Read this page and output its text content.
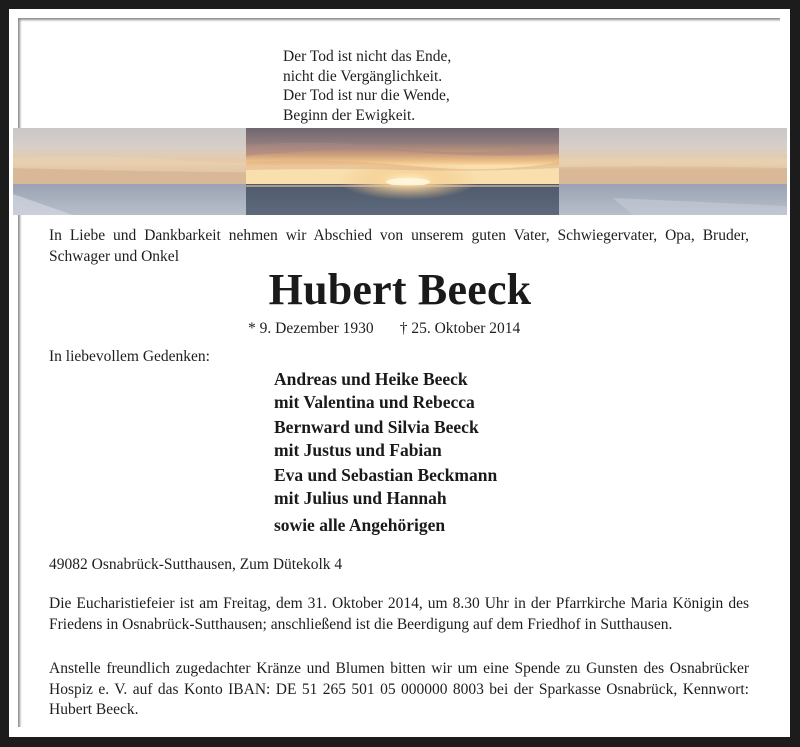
Der Tod ist nicht das Ende,
nicht die Vergänglichkeit.
Der Tod ist nur die Wende,
Beginn der Ewigkeit.
In Liebe und Dankbarkeit nehmen wir Abschied von unserem guten Vater, Schwiegervater, Opa, Bruder, Schwager und Onkel
Hubert Beeck
* 9. Dezember 1930 † 25. Oktober 2014
In liebevollem Gedenken:
Andreas und Heike Beeck
mit Valentina und Rebecca
Bernward und Silvia Beeck
mit Justus und Fabian
Eva und Sebastian Beckmann
mit Julius und Hannah
sowie alle Angehörigen
49082 Osnabrück-Sutthausen, Zum Dütekolk 4
Die Eucharistiefeier ist am Freitag, dem 31. Oktober 2014, um 8.30 Uhr in der Pfarrkirche Maria Königin des Friedens in Osnabrück-Sutthausen; anschließend ist die Beerdigung auf dem Friedhof in Sutthausen.
Anstelle freundlich zugedachter Kränze und Blumen bitten wir um eine Spende zu Gunsten des Osnabrücker Hospiz e. V. auf das Konto IBAN: DE 51 265 501 05 000000 8003 bei der Sparkasse Osnabrück, Kennwort: Hubert Beeck.
